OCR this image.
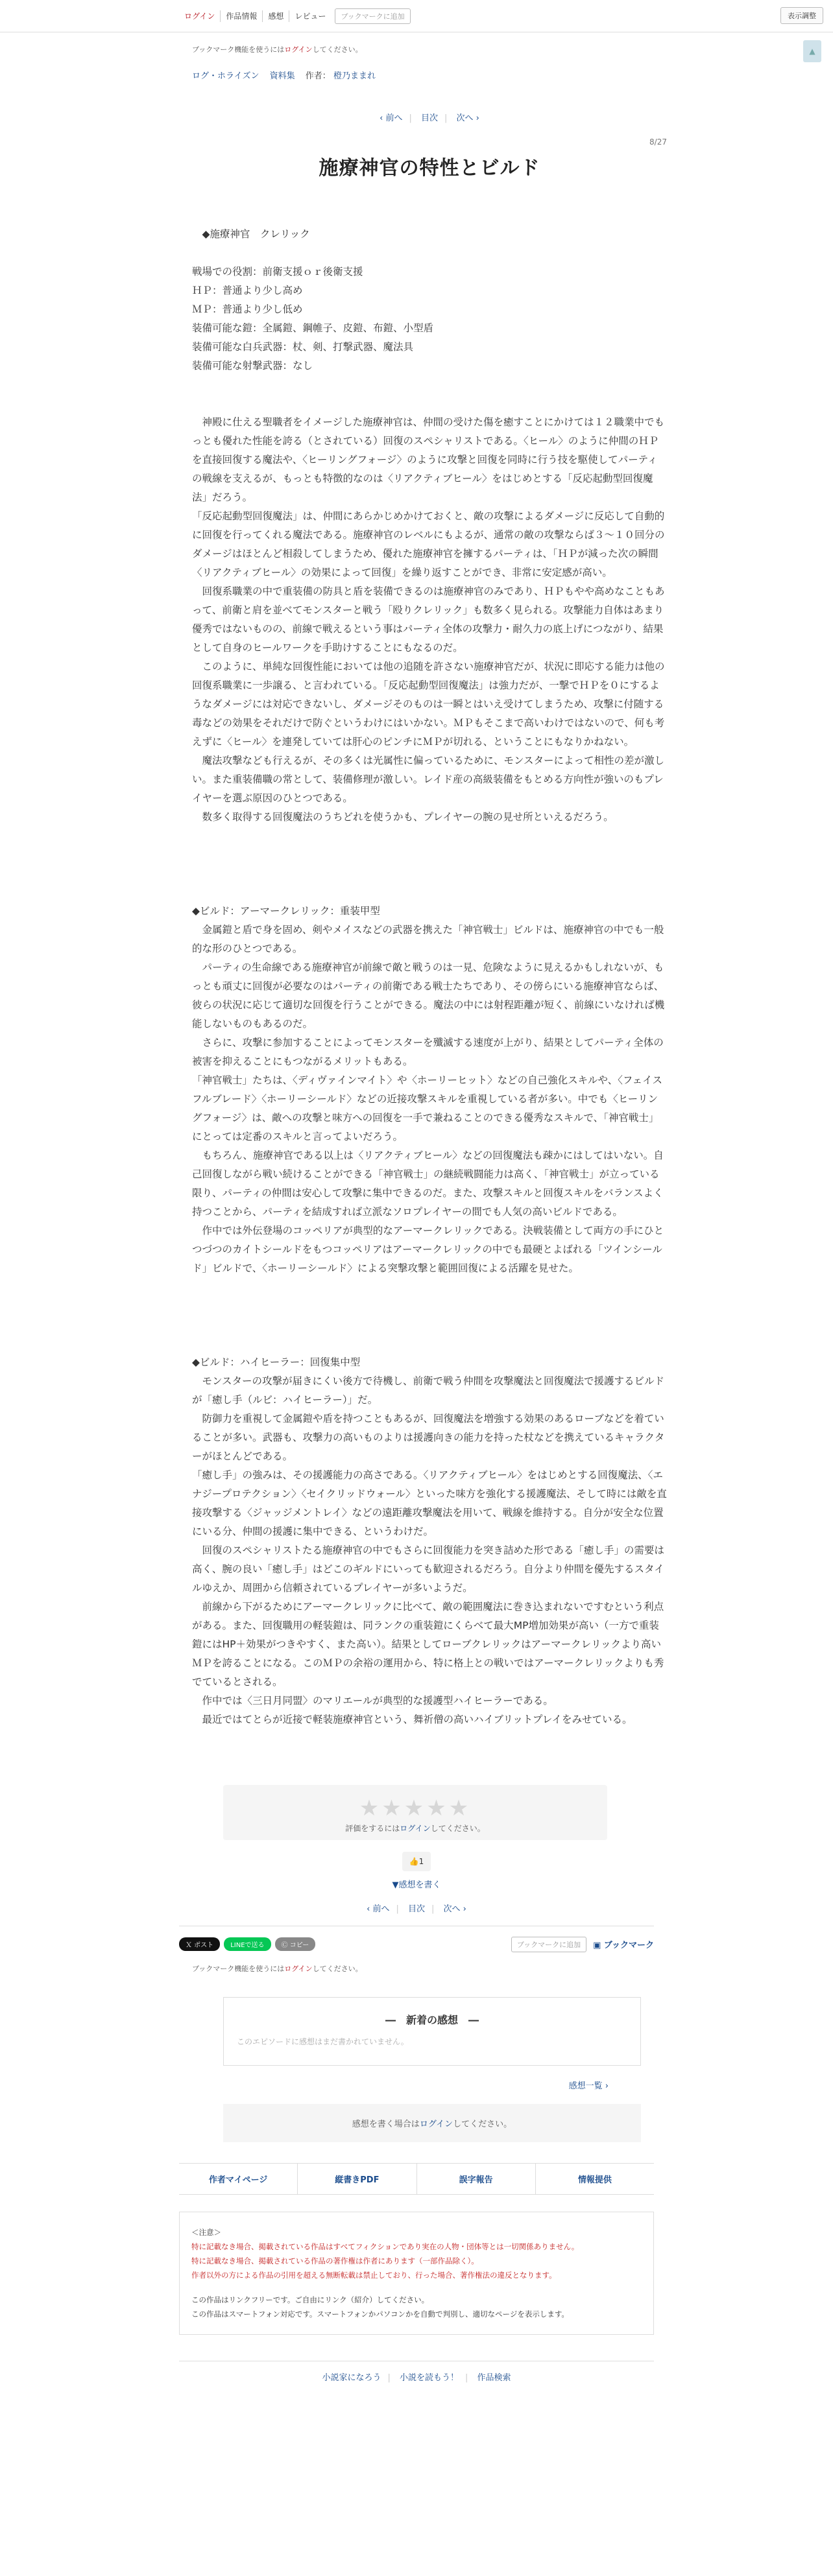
ログイン	作品情報	感想	レビュー	ブックマークに追加	表示調整
▲
ブックマーク機能を使うにはログインしてください。
ログ・ホライズン 資料集 作者： 橙乃ままれ
‹ 前へ | 目次 | 次へ ›
8/27
施療神官の特性とビルド

　◆施療神官　クレリック

戦場での役割：前衛支援ｏｒ後衛支援

ＨＰ：普通より少し高め

ＭＰ：普通より少し低め

装備可能な鎧：全属鎧、鋼帷子、皮鎧、布鎧、小型盾

装備可能な白兵武器：杖、剣、打撃武器、魔法具

装備可能な射撃武器：なし

　神殿に仕える聖職者をイメージした施療神官は、仲間の受けた傷を癒すことにかけては１２職業中でもっとも優れた性能を誇る（とされている）回復のスペシャリストである。〈ヒール〉のように仲間のＨＰを直接回復する魔法や、〈ヒーリングフォージ〉のように攻撃と回復を同時に行う技を駆使してパーティの戦線を支えるが、もっとも特徴的なのは〈リアクティブヒール〉をはじめとする「反応起動型回復魔法」だろう。

「反応起動型回復魔法」は、仲間にあらかじめかけておくと、敵の攻撃によるダメージに反応して自動的に回復を行ってくれる魔法である。施療神官のレベルにもよるが、通常の敵の攻撃ならば３～１０回分のダメージはほとんど相殺してしまうため、優れた施療神官を擁するパーティは、「ＨＰが減った次の瞬間〈リアクティブヒール〉の効果によって回復」を繰り返すことができ、非常に安定感が高い。

　回復系職業の中で重装備の防具と盾を装備できるのは施療神官のみであり、ＨＰもやや高めなこともあって、前衛と肩を並べてモンスターと戦う「殴りクレリック」も数多く見られる。攻撃能力自体はあまり優秀ではないものの、前線で戦えるという事はパーティ全体の攻撃力・耐久力の底上げにつながり、結果として自身のヒールワークを手助けすることにもなるのだ。

　このように、単純な回復性能においては他の追随を許さない施療神官だが、状況に即応する能力は他の回復系職業に一歩譲る、と言われている。「反応起動型回復魔法」は強力だが、一撃でＨＰを０にするようなダメージには対応できないし、ダメージそのものは一瞬とはいえ受けてしまうため、攻撃に付随する毒などの効果をそれだけで防ぐというわけにはいかない。ＭＰもそこまで高いわけではないので、何も考えずに〈ヒール〉を連発していては肝心のピンチにＭＰが切れる、ということにもなりかねない。

　魔法攻撃なども行えるが、その多くは光属性に偏っているために、モンスターによって相性の差が激しい。また重装備職の常として、装備修理が激しい。レイド産の高級装備をもとめる方向性が強いのもプレイヤーを選ぶ原因のひとつである。

　数多く取得する回復魔法のうちどれを使うかも、プレイヤーの腕の見せ所といえるだろう。

◆ビルド：アーマークレリック：重装甲型

　金属鎧と盾で身を固め、剣やメイスなどの武器を携えた「神官戦士」ビルドは、施療神官の中でも一般的な形のひとつである。

　パーティの生命線である施療神官が前線で敵と戦うのは一見、危険なように見えるかもしれないが、もっとも頑丈に回復が必要なのはパーティの前衛である戦士たちであり、その傍らにいる施療神官ならば、彼らの状況に応じて適切な回復を行うことができる。魔法の中には射程距離が短く、前線にいなければ機能しないものもあるのだ。

　さらに、攻撃に参加することによってモンスターを殲滅する速度が上がり、結果としてパーティ全体の被害を抑えることにもつながるメリットもある。

「神官戦士」たちは、〈ディヴァインマイト〉や〈ホーリーヒット〉などの自己強化スキルや、〈フェイスフルブレード〉〈ホーリーシールド〉などの近接攻撃スキルを重視している者が多い。中でも〈ヒーリングフォージ〉は、敵への攻撃と味方への回復を一手で兼ねることのできる優秀なスキルで、「神官戦士」にとっては定番のスキルと言ってよいだろう。

　もちろん、施療神官である以上は〈リアクティブヒール〉などの回復魔法も疎かにはしてはいない。自己回復しながら戦い続けることができる「神官戦士」の継続戦闘能力は高く、「神官戦士」が立っている限り、パーティの仲間は安心して攻撃に集中できるのだ。また、攻撃スキルと回復スキルをバランスよく持つことから、パーティを結成すれば立派なソロプレイヤーの間でも人気の高いビルドである。

　作中では外伝登場のコッペリアが典型的なアーマークレリックである。決戦装備として両方の手にひとつづつのカイトシールドをもつコッペリアはアーマークレリックの中でも最硬とよばれる「ツインシールド」ビルドで、〈ホーリーシールド〉による突撃攻撃と範囲回復による活躍を見せた。

◆ビルド：ハイヒーラー：回復集中型

　モンスターの攻撃が届きにくい後方で待機し、前衛で戦う仲間を攻撃魔法と回復魔法で援護するビルドが「癒し手（ルビ：ハイヒーラー）」だ。

　防御力を重視して金属鎧や盾を持つこともあるが、回復魔法を増強する効果のあるローブなどを着ていることが多い。武器も、攻撃力の高いものよりは援護向きの能力を持った杖などを携えているキャラクターがほとんどである。

「癒し手」の強みは、その援護能力の高さである。〈リアクティブヒール〉をはじめとする回復魔法、〈エナジープロテクション〉〈セイクリッドウォール〉といった味方を強化する援護魔法、そして時には敵を直接攻撃する〈ジャッジメントレイ〉などの遠距離攻撃魔法を用いて、戦線を維持する。自分が安全な位置にいる分、仲間の援護に集中できる、というわけだ。

　回復のスペシャリストたる施療神官の中でもさらに回復能力を突き詰めた形である「癒し手」の需要は高く、腕の良い「癒し手」はどこのギルドにいっても歓迎されるだろう。自分より仲間を優先するスタイルゆえか、周囲から信頼されているプレイヤーが多いようだ。

　前線から下がるためにアーマークレリックに比べて、敵の範囲魔法に巻き込まれないですむという利点がある。また、回復職用の軽装鎧は、同ランクの重装鎧にくらべて最大MP増加効果が高い（一方で重装鎧にはHP＋効果がつきやすく、また高い）。結果としてローブクレリックはアーマークレリックより高いＭＰを誇ることになる。このＭＰの余裕の運用から、特に格上との戦いではアーマークレリックよりも秀でているとされる。

　作中では〈三日月同盟〉のマリエールが典型的な援護型ハイヒーラーである。

　最近ではてとらが近接で軽装施療神官という、舞祈僧の高いハイブリットプレイをみせている。

★★★★★
評価をするにはログインしてください。
👍1
▼感想を書く
‹ 前へ | 目次 | 次へ ›
Ｘ ポスト	LINEで送る	Ⓒ コピー	ブックマークに追加	▣ ブックマーク
ブックマーク機能を使うにはログインしてください。
―　新着の感想　―
このエピソードに感想はまだ書かれていません。
感想一覧 ›
感想を書く場合はログインしてください。
作者マイページ	縦書きPDF	誤字報告	情報提供
＜注意＞
特に記載なき場合、掲載されている作品はすべてフィクションであり実在の人物・団体等とは一切関係ありません。
特に記載なき場合、掲載されている作品の著作権は作者にあります（一部作品除く）。
作者以外の方による作品の引用を超える無断転載は禁止しており、行った場合、著作権法の違反となります。
この作品はリンクフリーです。ご自由にリンク（紹介）してください。
この作品はスマートフォン対応です。スマートフォンかパソコンかを自動で判別し、適切なページを表示します。
小説家になろう | 小説を読もう！ | 作品検索
